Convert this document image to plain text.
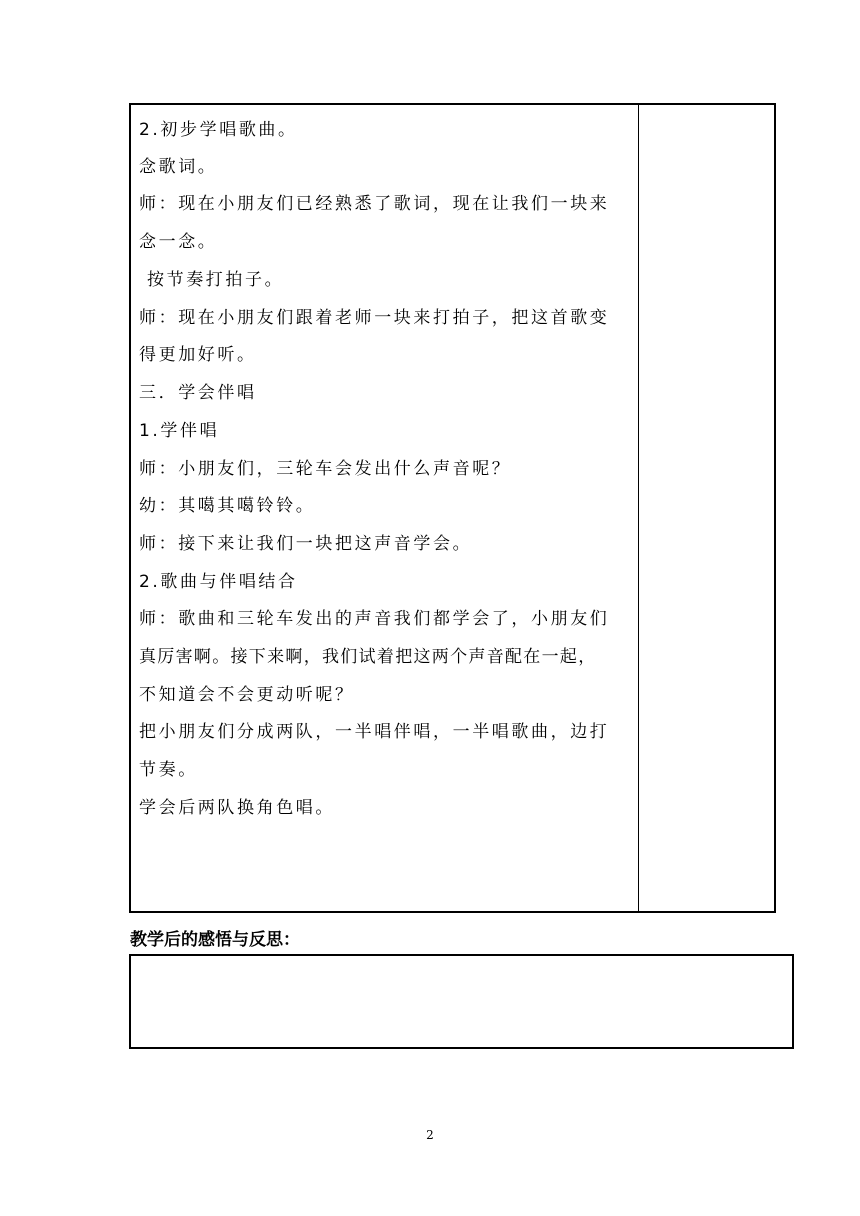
2.初步学唱歌曲。
念歌词。
师：现在小朋友们已经熟悉了歌词，现在让我们一块来
念一念。
按节奏打拍子。
师：现在小朋友们跟着老师一块来打拍子，把这首歌变
得更加好听。
三．学会伴唱
1.学伴唱
师：小朋友们，三轮车会发出什么声音呢？
幼：其噶其噶铃铃。
师：接下来让我们一块把这声音学会。
2.歌曲与伴唱结合
师：歌曲和三轮车发出的声音我们都学会了，小朋友们
真厉害啊。接下来啊，我们试着把这两个声音配在一起，
不知道会不会更动听呢？
把小朋友们分成两队，一半唱伴唱，一半唱歌曲，边打
节奏。
学会后两队换角色唱。
教学后的感悟与反思：
2
